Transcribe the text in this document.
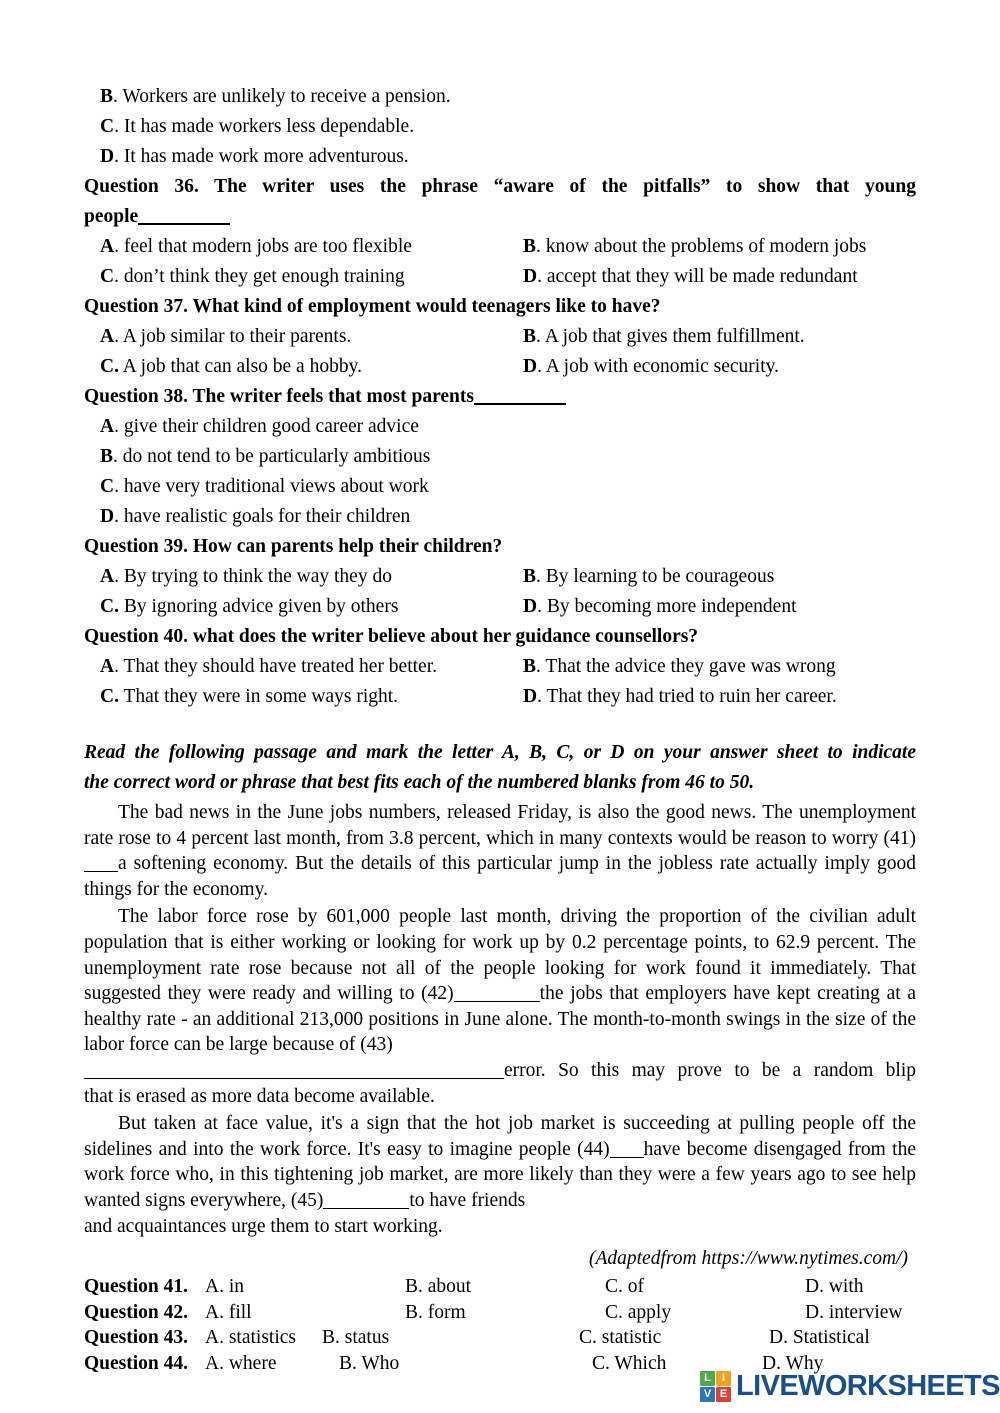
B. Workers are unlikely to receive a pension.
C. It has made workers less dependable.
D. It has made work more adventurous.
Question 36. The writer uses the phrase “aware of the pitfalls” to show that young
people
A. feel that modern jobs are too flexible	B. know about the problems of modern jobs
C. don’t think they get enough training	D. accept that they will be made redundant
Question 37. What kind of employment would teenagers like to have?
A. A job similar to their parents.	B. A job that gives them fulfillment.
C. A job that can also be a hobby.	D. A job with economic security.
Question 38. The writer feels that most parents
A. give their children good career advice
B. do not tend to be particularly ambitious
C. have very traditional views about work
D. have realistic goals for their children
Question 39. How can parents help their children?
A. By trying to think the way they do	B. By learning to be courageous
C. By ignoring advice given by others	D. By becoming more independent
Question 40. what does the writer believe about her guidance counsellors?
A. That they should have treated her better.	B. That the advice they gave was wrong
C. That they were in some ways right.	D. That they had tried to ruin her career.
Read the following passage and mark the letter A, B, C, or D on your answer sheet to indicate
the correct word or phrase that best fits each of the numbered blanks from 46 to 50.
The bad news in the June jobs numbers, released Friday, is also the good news. The unemployment rate rose to 4 percent last month, from 3.8 percent, which in many contexts would be reason to worry (41)a softening economy. But the details of this particular jump in the jobless rate actually imply good things for the economy.
The labor force rose by 601,000 people last month, driving the proportion of the civilian adult population that is either working or looking for work up by 0.2 percentage points, to 62.9 percent. The unemployment rate rose because not all of the people looking for work found it immediately. That suggested they were ready and willing to (42)	the jobs that employers have kept creating at a healthy rate - an additional 213,000 positions in June alone. The month-to-month swings in the size of the labor force can be large because of (43)
error. So this may prove to be a random blip
that is erased as more data become available.
But taken at face value, it's a sign that the hot job market is succeeding at pulling people off the sidelines and into the work force. It's easy to imagine people (44) have become disengaged from the work force who, in this tightening job market, are more likely than they were a few years ago to see help wanted signs everywhere, (45)	to have friends
and acquaintances urge them to start working.
(Adaptedfrom https://www.nytimes.com/)
Question 41. A. in	B. about	C. of	D. with
Question 42. A. fill	B. form	C. apply	D. interview
Question 43. A. statistics B. status	C. statistic	D. Statistical
Question 44. A. where	B. Who	C. Which	D. Why
L	I
V E LIVEWORKSHEETS
